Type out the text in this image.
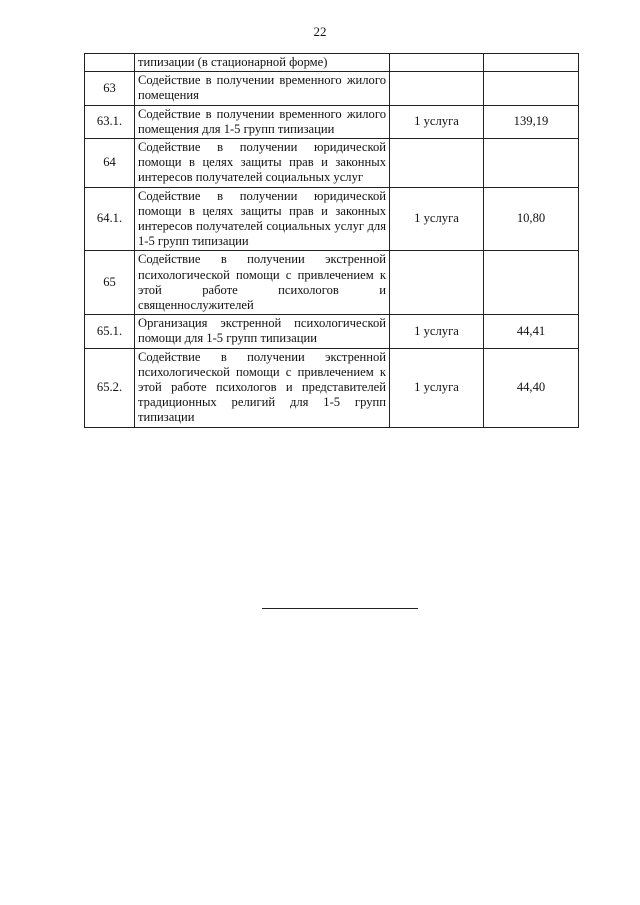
22
	типизации (в стационарной форме)		
63	Содействие в получении временного жилого помещения		
63.1.	Содействие в получении временного жилого помещения для 1-5 групп типизации	1 услуга	139,19
64	Содействие в получении юридической помощи в целях защиты прав и законных интересов получателей социальных услуг		
64.1.	Содействие в получении юридической помощи в целях защиты прав и законных интересов получателей социальных услуг для 1-5 групп типизации	1 услуга	10,80
65	Содействие в получении экстренной психологической помощи с привлечением к этой работе психологов и священнослужителей		
65.1.	Организация экстренной психологической помощи для 1-5 групп типизации	1 услуга	44,41
65.2.	Содействие в получении экстренной психологической помощи с привлечением к этой работе психологов и представителей традиционных религий для 1-5 групп типизации	1 услуга	44,40
